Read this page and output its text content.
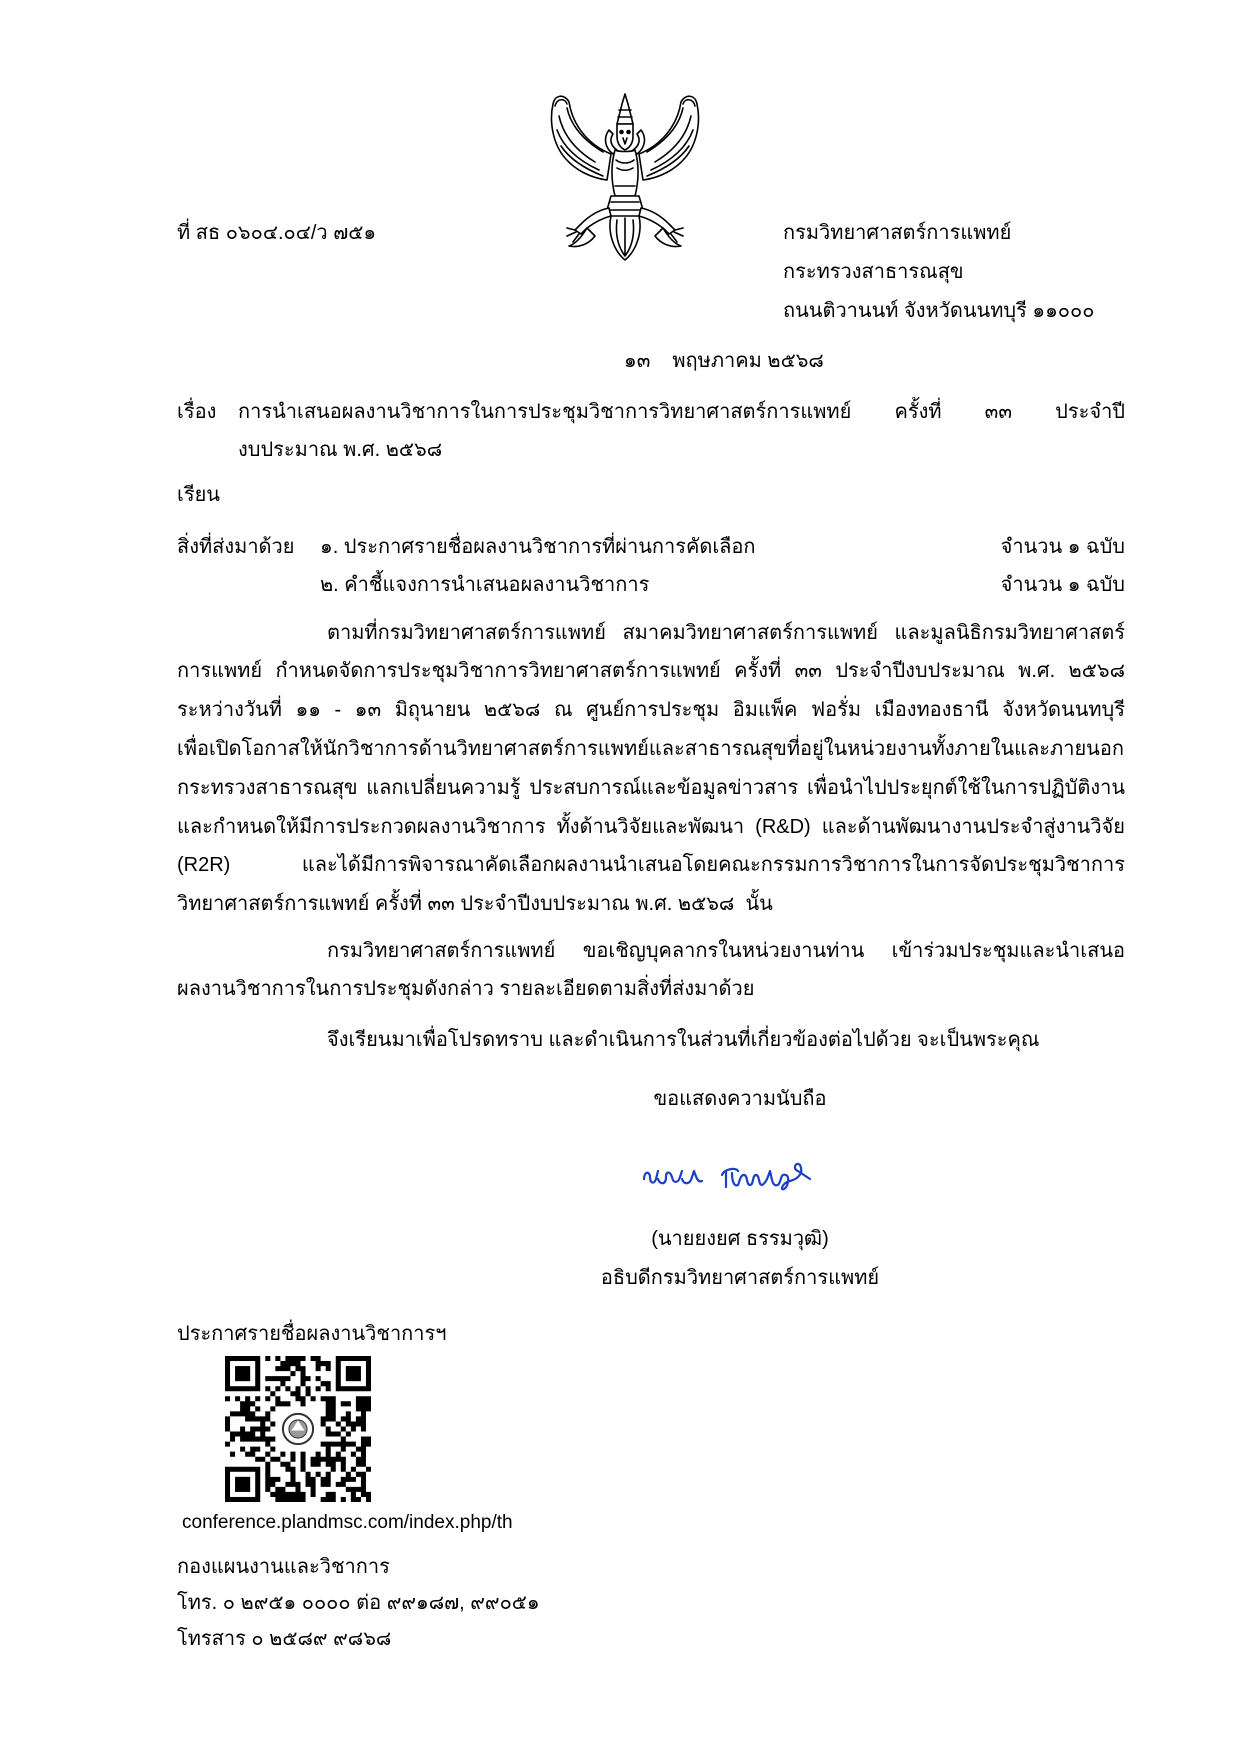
ที่ สธ ๐๖๐๔.๐๔/ว ๗๕๑	กรมวิทยาศาสตร์การแพทย์
กระทรวงสาธารณสุข
ถนนติวานนท์ จังหวัดนนทบุรี ๑๑๐๐๐
๑๓ พฤษภาคม ๒๕๖๘
เรื่อง	การนำเสนอผลงานวิชาการในการประชุมวิชาการวิทยาศาสตร์การแพทย์ ครั้งที่ ๓๓ ประจำปี
งบประมาณ พ.ศ. ๒๕๖๘
เรียน
สิ่งที่ส่งมาด้วย	๑. ประกาศรายชื่อผลงานวิชาการที่ผ่านการคัดเลือก	จำนวน ๑ ฉบับ
๒. คำชี้แจงการนำเสนอผลงานวิชาการ	จำนวน ๑ ฉบับ
ตามที่กรมวิทยาศาสตร์การแพทย์ สมาคมวิทยาศาสตร์การแพทย์ และมูลนิธิกรมวิทยาศาสตร์
การแพทย์ กำหนดจัดการประชุมวิชาการวิทยาศาสตร์การแพทย์ ครั้งที่ ๓๓ ประจำปีงบประมาณ พ.ศ. ๒๕๖๘
ระหว่างวันที่ ๑๑ - ๑๓ มิถุนายน ๒๕๖๘ ณ ศูนย์การประชุม อิมแพ็ค ฟอรั่ม เมืองทองธานี จังหวัดนนทบุรี
เพื่อเปิดโอกาสให้นักวิชาการด้านวิทยาศาสตร์การแพทย์และสาธารณสุขที่อยู่ในหน่วยงานทั้งภายในและภายนอก
กระทรวงสาธารณสุข แลกเปลี่ยนความรู้ ประสบการณ์และข้อมูลข่าวสาร เพื่อนำไปประยุกต์ใช้ในการปฏิบัติงาน
และกำหนดให้มีการประกวดผลงานวิชาการ ทั้งด้านวิจัยและพัฒนา (R&D) และด้านพัฒนางานประจำสู่งานวิจัย
(R2R) และได้มีการพิจารณาคัดเลือกผลงานนำเสนอโดยคณะกรรมการวิชาการในการจัดประชุมวิชาการ
วิทยาศาสตร์การแพทย์ ครั้งที่ ๓๓ ประจำปีงบประมาณ พ.ศ. ๒๕๖๘  นั้น
กรมวิทยาศาสตร์การแพทย์ ขอเชิญบุคลากรในหน่วยงานท่าน เข้าร่วมประชุมและนำเสนอ
ผลงานวิชาการในการประชุมดังกล่าว รายละเอียดตามสิ่งที่ส่งมาด้วย
จึงเรียนมาเพื่อโปรดทราบ และดำเนินการในส่วนที่เกี่ยวข้องต่อไปด้วย จะเป็นพระคุณ
ขอแสดงความนับถือ
(นายยงยศ ธรรมวุฒิ)
อธิบดีกรมวิทยาศาสตร์การแพทย์
ประกาศรายชื่อผลงานวิชาการฯ
conference.plandmsc.com/index.php/th
กองแผนงานและวิชาการ
โทร. ๐ ๒๙๕๑ ๐๐๐๐ ต่อ ๙๙๑๘๗, ๙๙๐๕๑
โทรสาร ๐ ๒๕๘๙ ๙๘๖๘
